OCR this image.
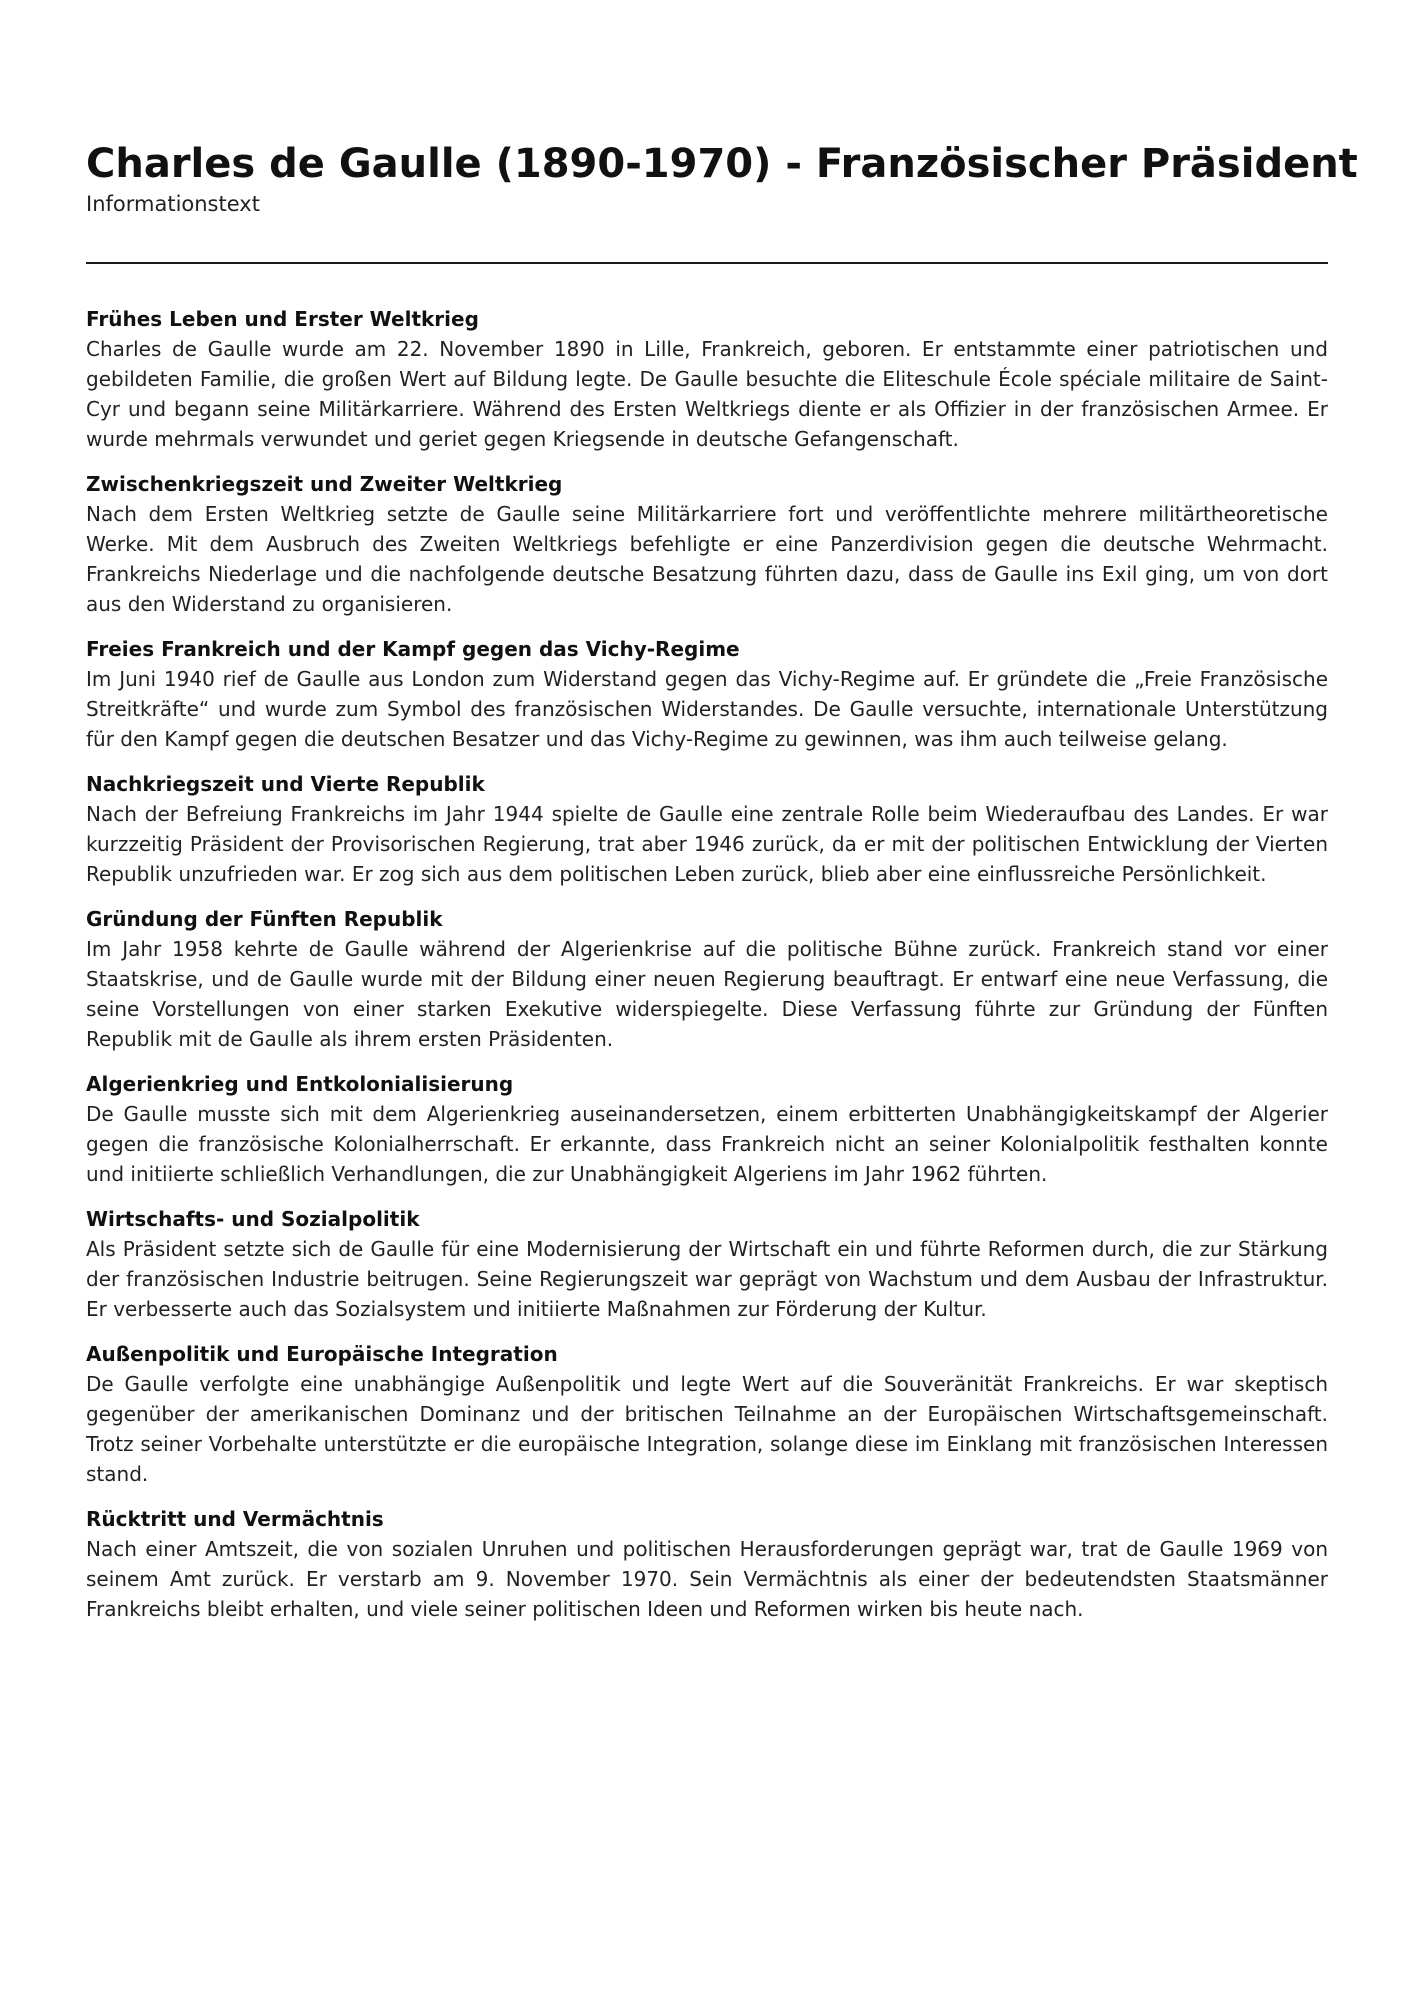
Charles de Gaulle (1890-1970) - Französischer Präsident
Informationstext
Frühes Leben und Erster Weltkrieg

Charles de Gaulle wurde am 22. November 1890 in Lille, Frankreich, geboren. Er entstammte einer patriotischen und gebildeten Familie, die großen Wert auf Bildung legte. De Gaulle besuchte die Eliteschule École spéciale militaire de Saint-Cyr und begann seine Militärkarriere. Während des Ersten Weltkriegs diente er als Offizier in der französischen Armee. Er wurde mehrmals verwundet und geriet gegen Kriegsende in deutsche Gefangenschaft.

Zwischenkriegszeit und Zweiter Weltkrieg

Nach dem Ersten Weltkrieg setzte de Gaulle seine Militärkarriere fort und veröffentlichte mehrere militärtheoretische Werke. Mit dem Ausbruch des Zweiten Weltkriegs befehligte er eine Panzerdivision gegen die deutsche Wehrmacht. Frankreichs Niederlage und die nachfolgende deutsche Besatzung führten dazu, dass de Gaulle ins Exil ging, um von dort aus den Widerstand zu organisieren.

Freies Frankreich und der Kampf gegen das Vichy-Regime

Im Juni 1940 rief de Gaulle aus London zum Widerstand gegen das Vichy-Regime auf. Er gründete die „Freie Französische Streitkräfte“ und wurde zum Symbol des französischen Widerstandes. De Gaulle versuchte, internationale Unterstützung für den Kampf gegen die deutschen Besatzer und das Vichy-Regime zu gewinnen, was ihm auch teilweise gelang.

Nachkriegszeit und Vierte Republik

Nach der Befreiung Frankreichs im Jahr 1944 spielte de Gaulle eine zentrale Rolle beim Wiederaufbau des Landes. Er war kurzzeitig Präsident der Provisorischen Regierung, trat aber 1946 zurück, da er mit der politischen Entwicklung der Vierten Republik unzufrieden war. Er zog sich aus dem politischen Leben zurück, blieb aber eine einflussreiche Persönlichkeit.

Gründung der Fünften Republik

Im Jahr 1958 kehrte de Gaulle während der Algerienkrise auf die politische Bühne zurück. Frankreich stand vor einer Staatskrise, und de Gaulle wurde mit der Bildung einer neuen Regierung beauftragt. Er entwarf eine neue Verfassung, die seine Vorstellungen von einer starken Exekutive widerspiegelte. Diese Verfassung führte zur Gründung der Fünften Republik mit de Gaulle als ihrem ersten Präsidenten.

Algerienkrieg und Entkolonialisierung

De Gaulle musste sich mit dem Algerienkrieg auseinandersetzen, einem erbitterten Unabhängigkeitskampf der Algerier gegen die französische Kolonialherrschaft. Er erkannte, dass Frankreich nicht an seiner Kolonialpolitik festhalten konnte und initiierte schließlich Verhandlungen, die zur Unabhängigkeit Algeriens im Jahr 1962 führten.

Wirtschafts- und Sozialpolitik

Als Präsident setzte sich de Gaulle für eine Modernisierung der Wirtschaft ein und führte Reformen durch, die zur Stärkung der französischen Industrie beitrugen. Seine Regierungszeit war geprägt von Wachstum und dem Ausbau der Infrastruktur. Er verbesserte auch das Sozialsystem und initiierte Maßnahmen zur Förderung der Kultur.

Außenpolitik und Europäische Integration

De Gaulle verfolgte eine unabhängige Außenpolitik und legte Wert auf die Souveränität Frankreichs. Er war skeptisch gegenüber der amerikanischen Dominanz und der britischen Teilnahme an der Europäischen Wirtschaftsgemeinschaft. Trotz seiner Vorbehalte unterstützte er die europäische Integration, solange diese im Einklang mit französischen Interessen stand.

Rücktritt und Vermächtnis

Nach einer Amtszeit, die von sozialen Unruhen und politischen Herausforderungen geprägt war, trat de Gaulle 1969 von seinem Amt zurück. Er verstarb am 9. November 1970. Sein Vermächtnis als einer der bedeutendsten Staatsmänner Frankreichs bleibt erhalten, und viele seiner politischen Ideen und Reformen wirken bis heute nach.
